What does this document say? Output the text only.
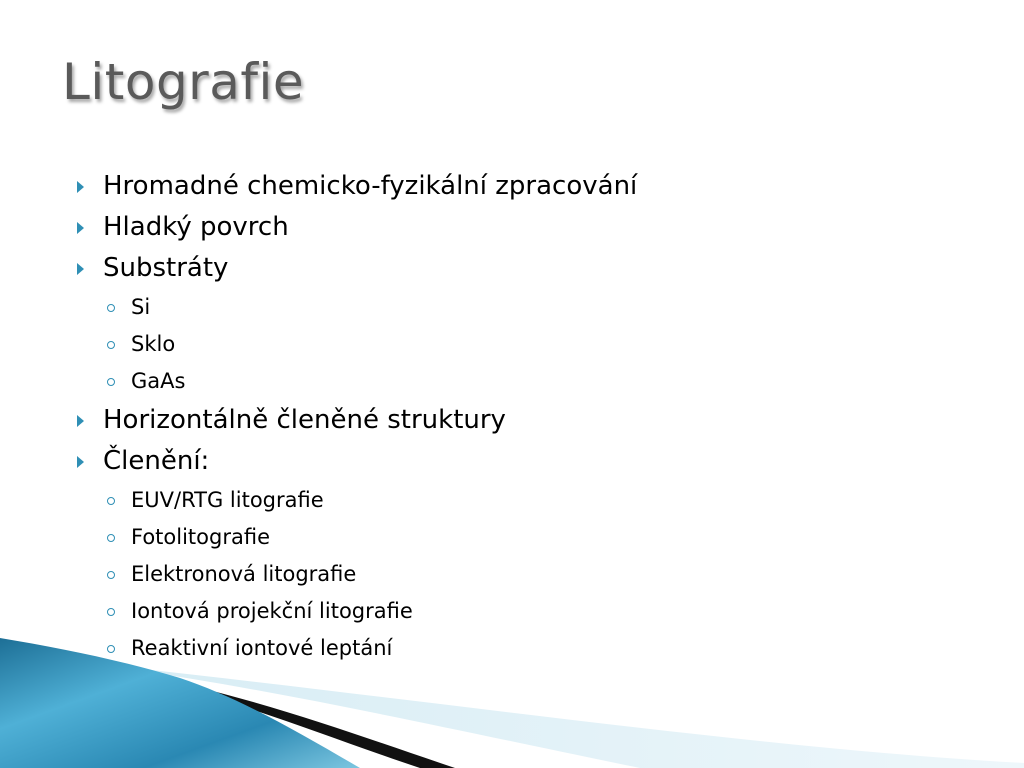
Litografie
Hromadné chemicko-fyzikální zpracování
Hladký povrch
Substráty
Si
Sklo
GaAs
Horizontálně členěné struktury
Členění:
EUV/RTG litografie
Fotolitografie
Elektronová litografie
Iontová projekční litografie
Reaktivní iontové leptání
